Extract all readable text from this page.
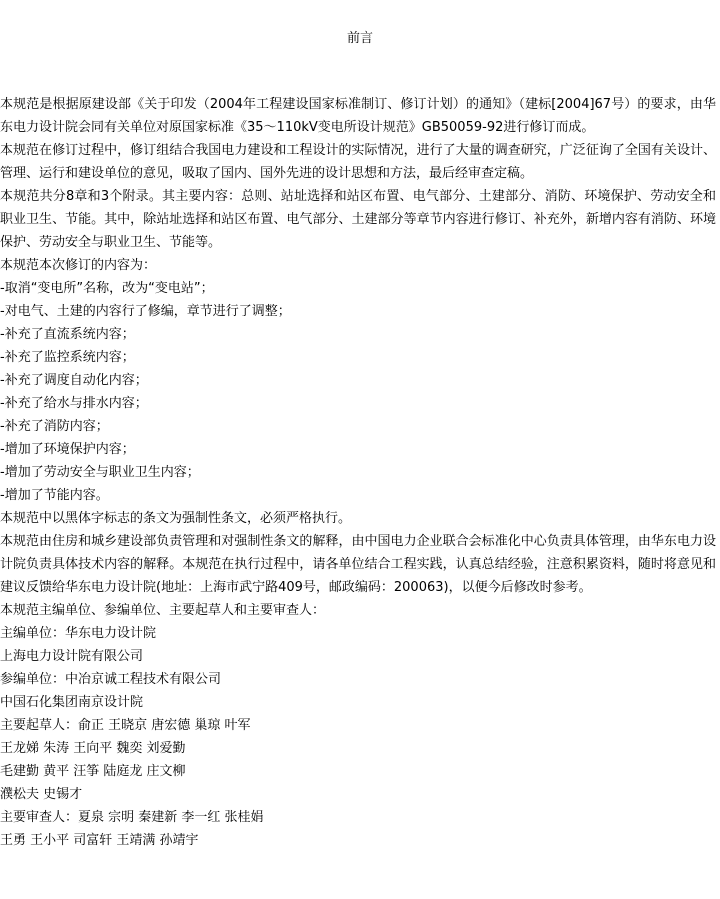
前言

本规范是根据原建设部《关于印发（2004年工程建设国家标准制订、修订计划）的通知》（建标[2004]67号）的要求，由华东电力设计院会同有关单位对原国家标准《35～110kV变电所设计规范》GB50059-92进行修订而成。

本规范在修订过程中，修订组结合我国电力建设和工程设计的实际情况，进行了大量的调查研究，广泛征询了全国有关设计、管理、运行和建设单位的意见，吸取了国内、国外先进的设计思想和方法，最后经审查定稿。

本规范共分8章和3个附录。其主要内容：总则、站址选择和站区布置、电气部分、土建部分、消防、环境保护、劳动安全和职业卫生、节能。其中，除站址选择和站区布置、电气部分、土建部分等章节内容进行修订、补充外，新增内容有消防、环境保护、劳动安全与职业卫生、节能等。

本规范本次修订的内容为：

-取消“变电所”名称，改为“变电站”；

-对电气、土建的内容行了修编，章节进行了调整；

-补充了直流系统内容；

-补充了监控系统内容；

-补充了调度自动化内容；

-补充了给水与排水内容；

-补充了消防内容；

-增加了环境保护内容；

-增加了劳动安全与职业卫生内容；

-增加了节能内容。

本规范中以黑体字标志的条文为强制性条文，必须严格执行。

本规范由住房和城乡建设部负责管理和对强制性条文的解释，由中国电力企业联合会标准化中心负责具体管理，由华东电力设计院负责具体技术内容的解释。本规范在执行过程中，请各单位结合工程实践，认真总结经验，注意积累资料，随时将意见和建议反馈给华东电力设计院(地址：上海市武宁路409号，邮政编码：200063)，以便今后修改时参考。

本规范主编单位、参编单位、主要起草人和主要审查人：

主编单位：华东电力设计院

上海电力设计院有限公司

参编单位：中冶京诚工程技术有限公司

中国石化集团南京设计院

主要起草人：俞正 王晓京 唐宏德 巢琼 叶军

王龙娣 朱涛 王向平 魏奕 刘爱勤

毛建勤 黄平 汪筝 陆庭龙 庄文柳

濮松夫 史锡才

主要审查人：夏泉 宗明 秦建新 李一红 张桂娟

王勇 王小平 司富轩 王靖满 孙靖宇
